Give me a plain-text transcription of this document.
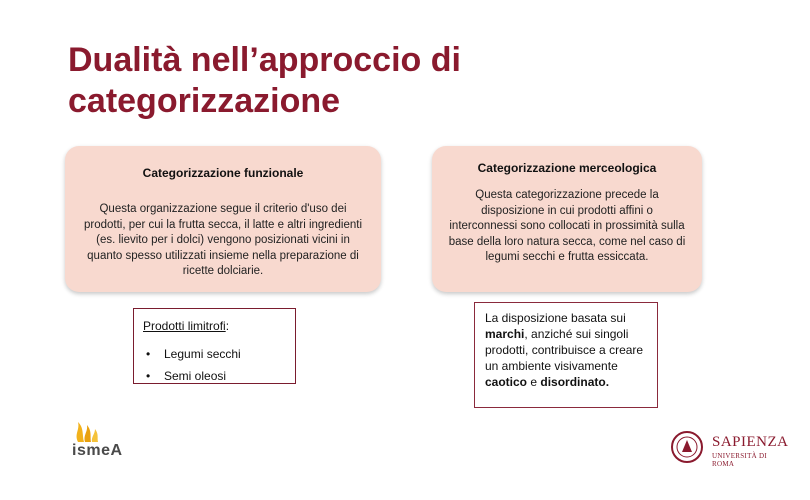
Dualità nell’approccio di categorizzazione
Categorizzazione funzionale

Questa organizzazione segue il criterio d'uso dei prodotti, per cui la frutta secca, il latte e altri ingredienti (es. lievito per i dolci) vengono posizionati vicini in quanto spesso utilizzati insieme nella preparazione di ricette dolciarie.

Categorizzazione merceologica

Questa categorizzazione precede la disposizione in cui prodotti affini o interconnessi sono collocati in prossimità sulla base della loro natura secca, come nel caso di legumi secchi e frutta essiccata.

Prodotti limitrofi:
• Legumi secchi
• Semi oleosi
La disposizione basata sui marchi, anziché sui singoli prodotti, contribuisce a creare un ambiente visivamente caotico e disordinato.
ismeA	SAPIENZA
UNIVERSITÀ DI ROMA
